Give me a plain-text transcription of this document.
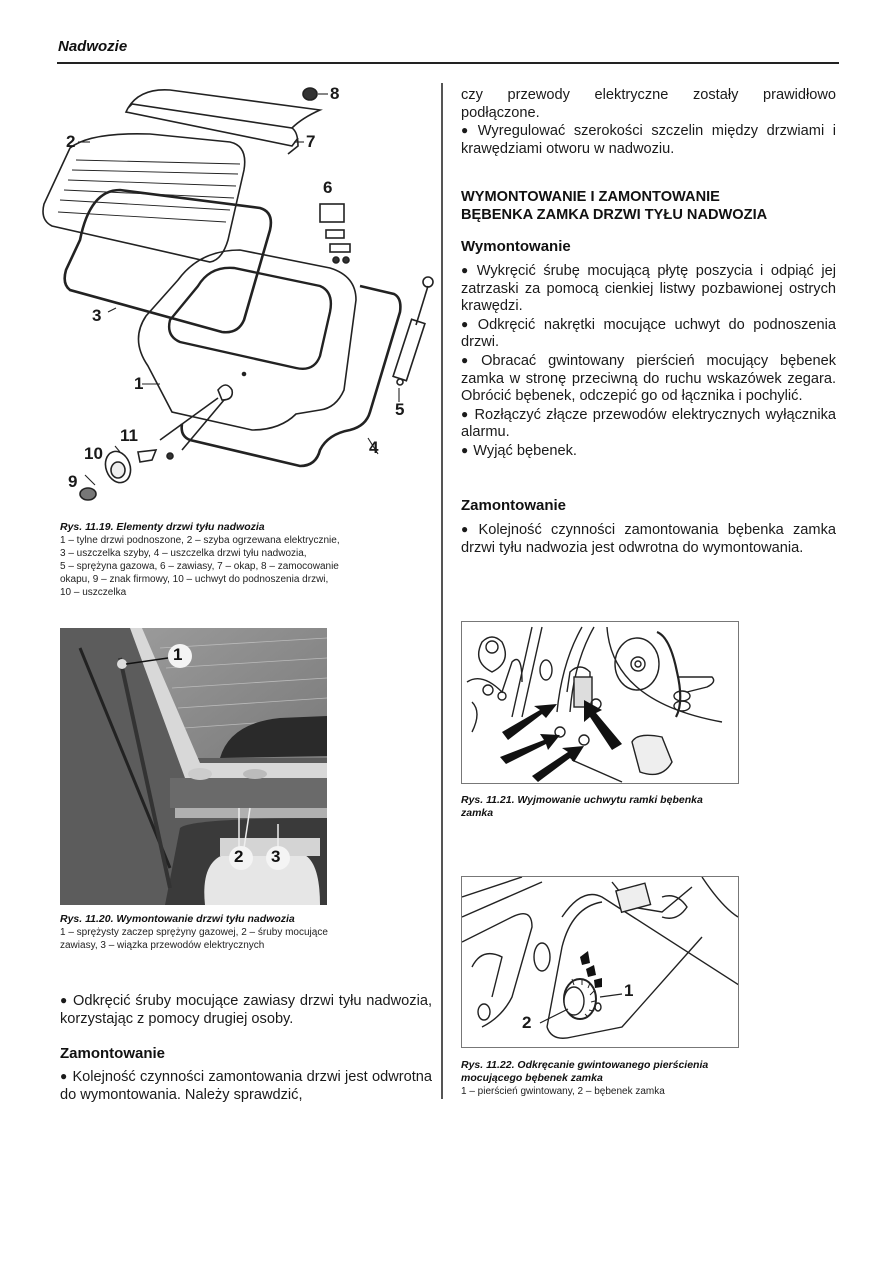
Nadwozie
2
8
7
6
3
1
5
4
11
10
9
Rys. 11.19. Elementy drzwi tyłu nadwozia
1 – tylne drzwi podnoszone, 2 – szyba ogrzewana elektrycznie,
3 – uszczelka szyby, 4 – uszczelka drzwi tyłu nadwozia,
5 – sprężyna gazowa, 6 – zawiasy, 7 – okap, 8 – zamocowanie
okapu, 9 – znak firmowy, 10 – uchwyt do podnoszenia drzwi,
10 – uszczelka
1
2 3
Rys. 11.20. Wymontowanie drzwi tyłu nadwozia
1 – sprężysty zaczep sprężyny gazowej, 2 – śruby mocujące
zawiasy, 3 – wiązka przewodów elektrycznych
● Odkręcić śruby mocujące zawiasy drzwi tyłu nadwozia, korzystając z pomocy drugiej osoby.
Zamontowanie
● Kolejność czynności zamontowania drzwi jest odwrotna do wymontowania. Należy sprawdzić,
czy przewody elektryczne zostały prawidłowo podłączone.
● Wyregulować szerokości szczelin między drzwiami i krawędziami otworu w nadwoziu.
WYMONTOWANIE I ZAMONTOWANIE
BĘBENKA ZAMKA DRZWI TYŁU NADWOZIA
Wymontowanie
● Wykręcić śrubę mocującą płytę poszycia i odpiąć jej zatrzaski za pomocą cienkiej listwy pozbawionej ostrych krawędzi.
● Odkręcić nakrętki mocujące uchwyt do podnoszenia drzwi.
● Obracać gwintowany pierścień mocujący bębenek zamka w stronę przeciwną do ruchu wskazówek zegara. Obrócić bębenek, odczepić go od łącznika i pochylić.
● Rozłączyć złącze przewodów elektrycznych wyłącznika alarmu.
● Wyjąć bębenek.
Zamontowanie
● Kolejność czynności zamontowania bębenka zamka drzwi tyłu nadwozia jest odwrotna do wymontowania.
Rys. 11.21. Wyjmowanie uchwytu ramki bębenka
zamka
1
2
Rys. 11.22. Odkręcanie gwintowanego pierścienia
mocującego bębenek zamka
1 – pierścień gwintowany, 2 – bębenek zamka
